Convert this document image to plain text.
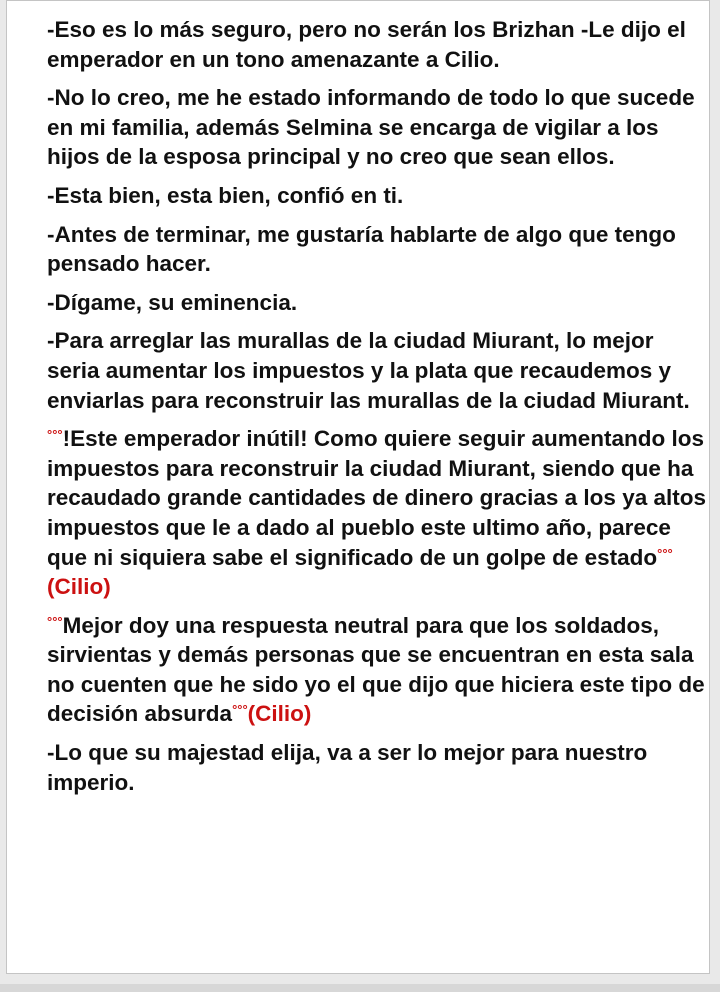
-Eso es lo más seguro, pero no serán los Brizhan -Le dijo el emperador en un tono amenazante a Cilio.

-No lo creo, me he estado informando de todo lo que sucede en mi familia, además Selmina se encarga de vigilar a los hijos de la esposa principal y no creo que sean ellos.

-Esta bien, esta bien, confió en ti.

-Antes de terminar, me gustaría hablarte de algo que tengo pensado hacer.

-Dígame, su eminencia.

-Para arreglar las murallas de la ciudad Miurant, lo mejor seria aumentar los impuestos y la plata que recaudemos y enviarlas para reconstruir las murallas de la ciudad Miurant.

°°°!Este emperador inútil! Como quiere seguir aumentando los impuestos para reconstruir la ciudad Miurant, siendo que ha recaudado grande cantidades de dinero gracias a los ya altos impuestos que le a dado al pueblo este ultimo año, parece que ni siquiera sabe el significado de un golpe de estado°°° (Cilio)

°°°Mejor doy una respuesta neutral para que los soldados, sirvientas y demás personas que se encuentran en esta sala no cuenten que he sido yo el que dijo que hiciera este tipo de decisión absurda°°°(Cilio)

-Lo que su majestad elija, va a ser lo mejor para nuestro imperio.
